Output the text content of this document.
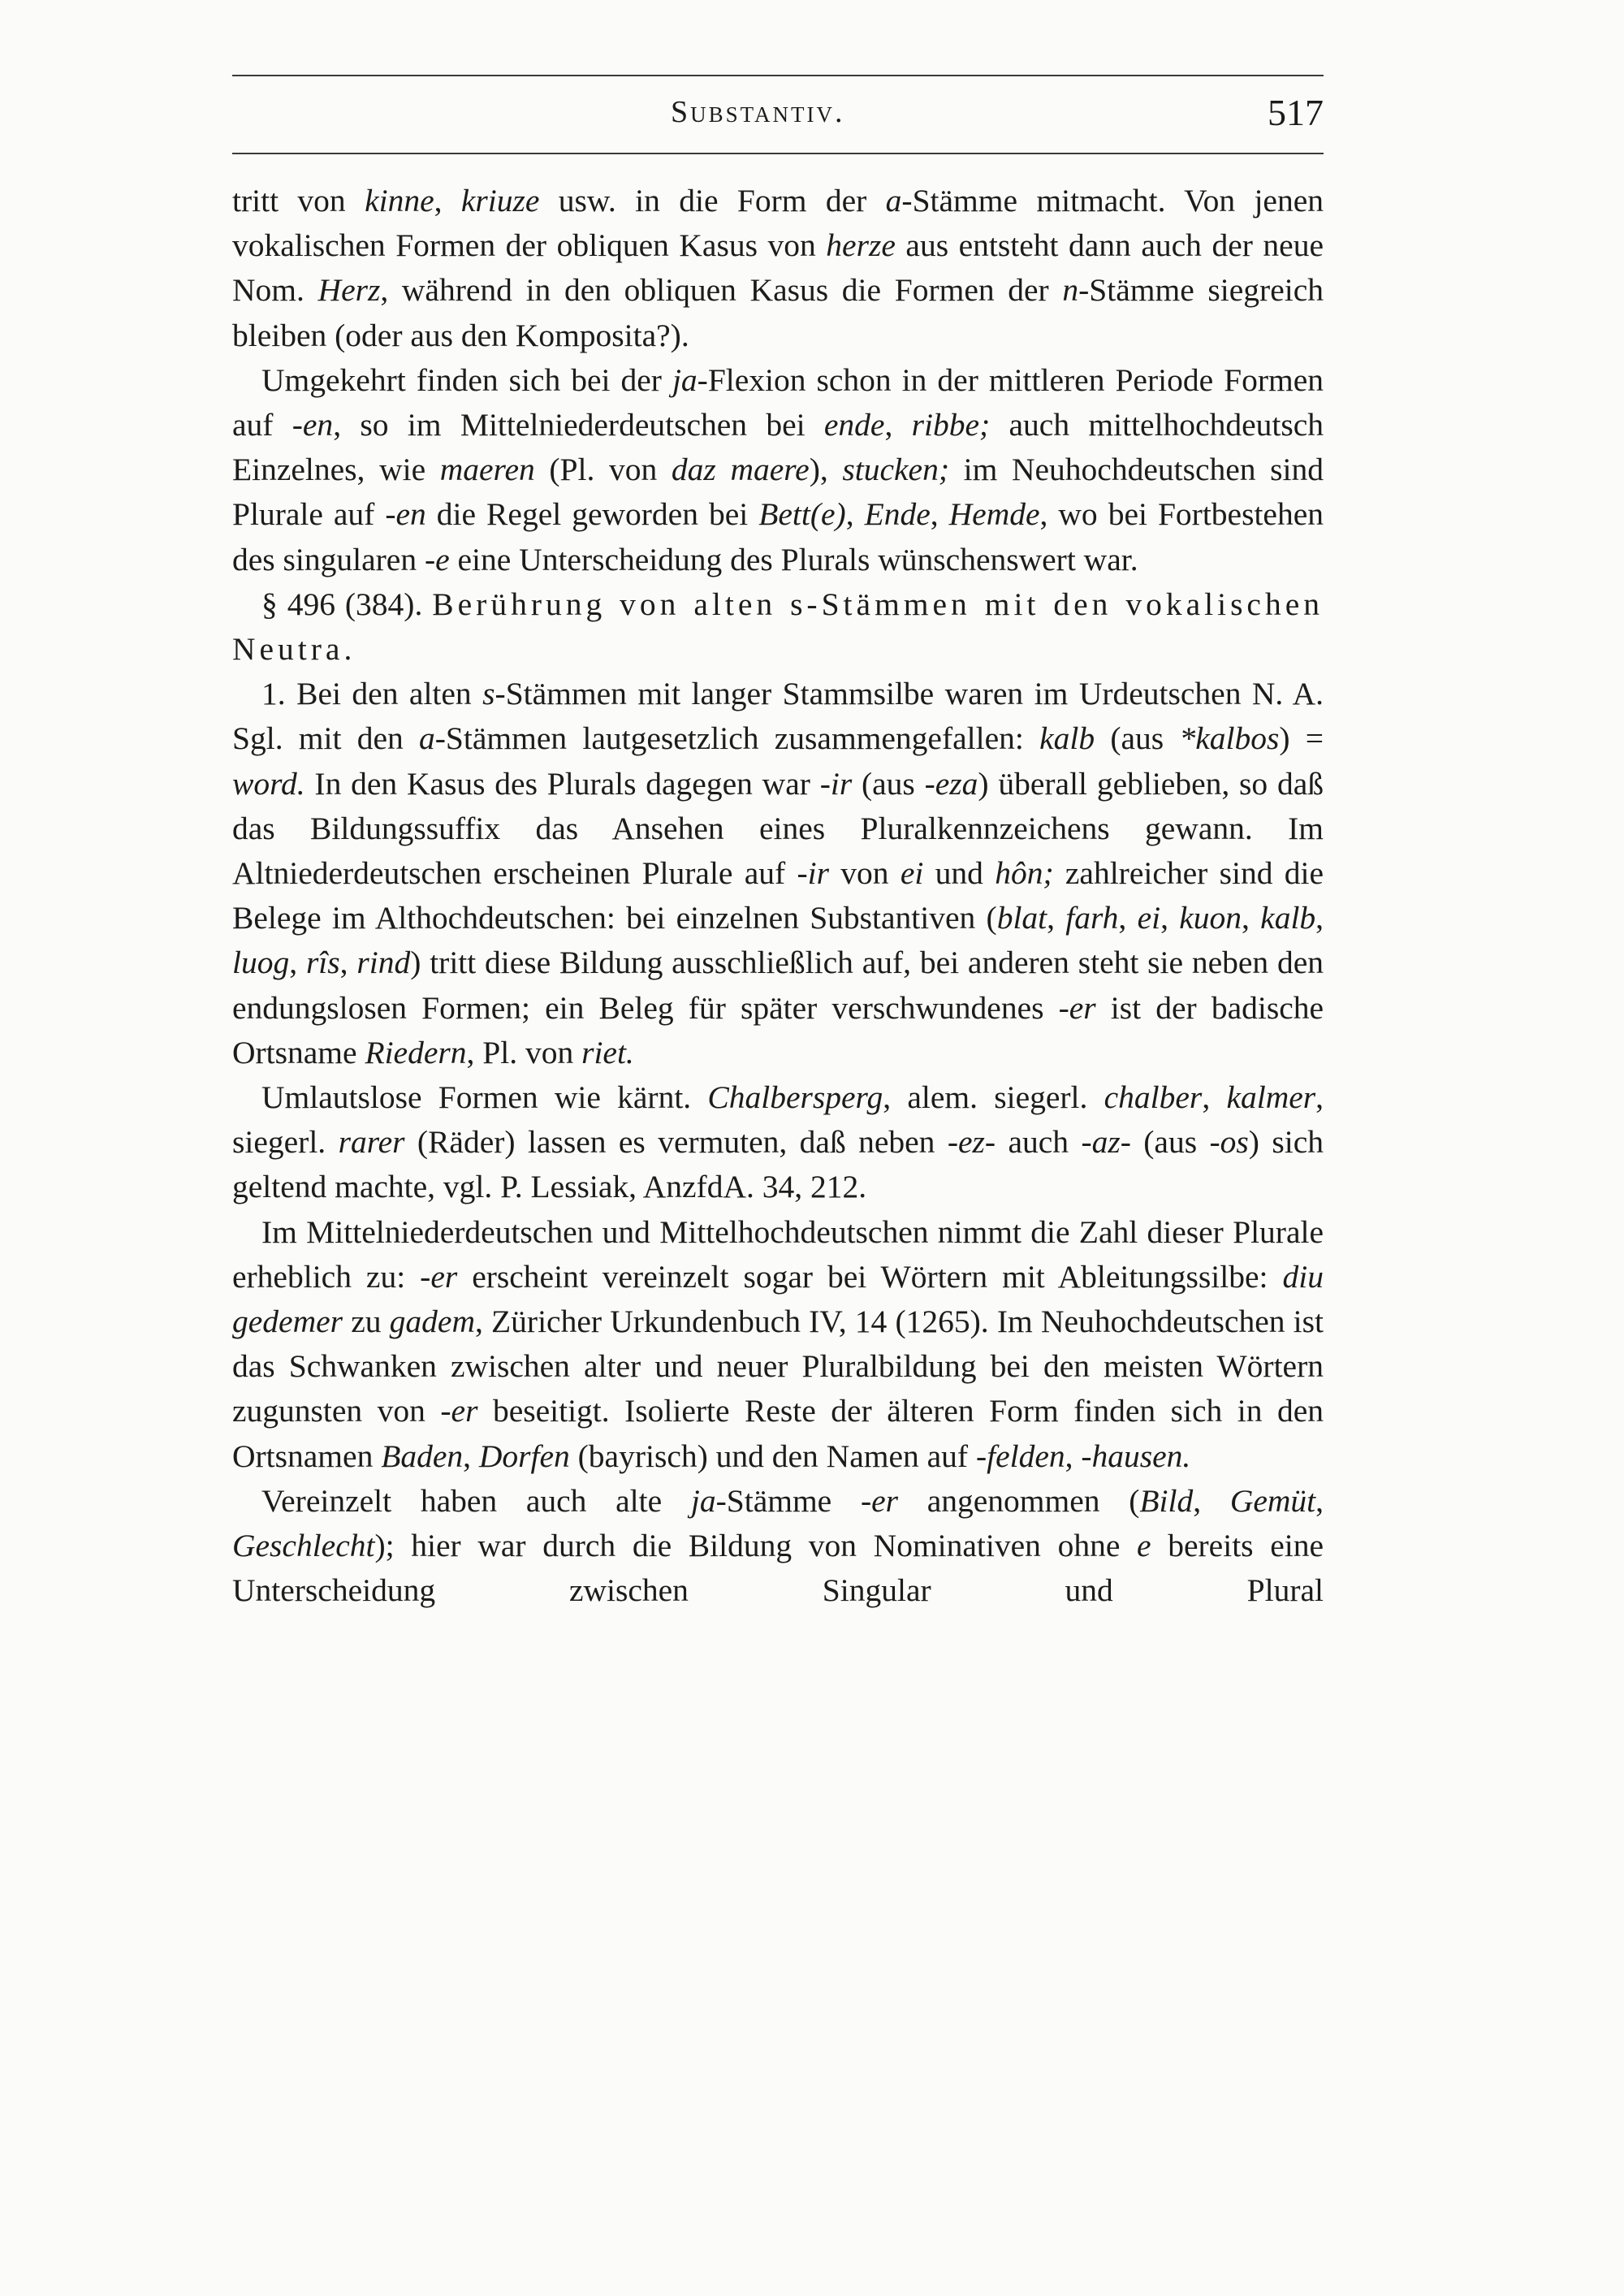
Substantiv.	517

tritt von kinne, kriuze usw. in die Form der a-Stämme mitmacht. Von jenen vokalischen Formen der obliquen Kasus von herze aus entsteht dann auch der neue Nom. Herz, während in den obliquen Kasus die Formen der n-Stämme siegreich bleiben (oder aus den Komposita?).

Umgekehrt finden sich bei der ja-Flexion schon in der mittleren Periode Formen auf -en, so im Mittelniederdeutschen bei ende, ribbe; auch mittelhochdeutsch Einzelnes, wie maeren (Pl. von daz maere), stucken; im Neuhochdeutschen sind Plurale auf -en die Regel geworden bei Bett(e), Ende, Hemde, wo bei Fortbestehen des singularen -e eine Unterscheidung des Plurals wünschenswert war.

§ 496 (384). Berührung von alten s-Stämmen mit den vokalischen Neutra.

1. Bei den alten s-Stämmen mit langer Stammsilbe waren im Urdeutschen N. A. Sgl. mit den a-Stämmen lautgesetzlich zusammengefallen: kalb (aus *kalbos) = word. In den Kasus des Plurals dagegen war -ir (aus -eza) überall geblieben, so daß das Bildungssuffix das Ansehen eines Pluralkennzeichens gewann. Im Altniederdeutschen erscheinen Plurale auf -ir von ei und hôn; zahlreicher sind die Belege im Althochdeutschen: bei einzelnen Substantiven (blat, farh, ei, kuon, kalb, luog, rîs, rind) tritt diese Bildung ausschließlich auf, bei anderen steht sie neben den endungslosen Formen; ein Beleg für später verschwundenes -er ist der badische Ortsname Riedern, Pl. von riet.

Umlautslose Formen wie kärnt. Chalbersperg, alem. siegerl. chalber, kalmer, siegerl. rarer (Räder) lassen es vermuten, daß neben -ez- auch -az- (aus -os) sich geltend machte, vgl. P. Lessiak, AnzfdA. 34, 212.

Im Mittelniederdeutschen und Mittelhochdeutschen nimmt die Zahl dieser Plurale erheblich zu: -er erscheint vereinzelt sogar bei Wörtern mit Ableitungssilbe: diu gedemer zu gadem, Züricher Urkundenbuch IV, 14 (1265). Im Neuhochdeutschen ist das Schwanken zwischen alter und neuer Pluralbildung bei den meisten Wörtern zugunsten von -er beseitigt. Isolierte Reste der älteren Form finden sich in den Ortsnamen Baden, Dorfen (bayrisch) und den Namen auf -felden, -hausen.

Vereinzelt haben auch alte ja-Stämme -er angenommen (Bild, Gemüt, Geschlecht); hier war durch die Bildung von Nominativen ohne e bereits eine Unterscheidung zwischen Singular und Plural
